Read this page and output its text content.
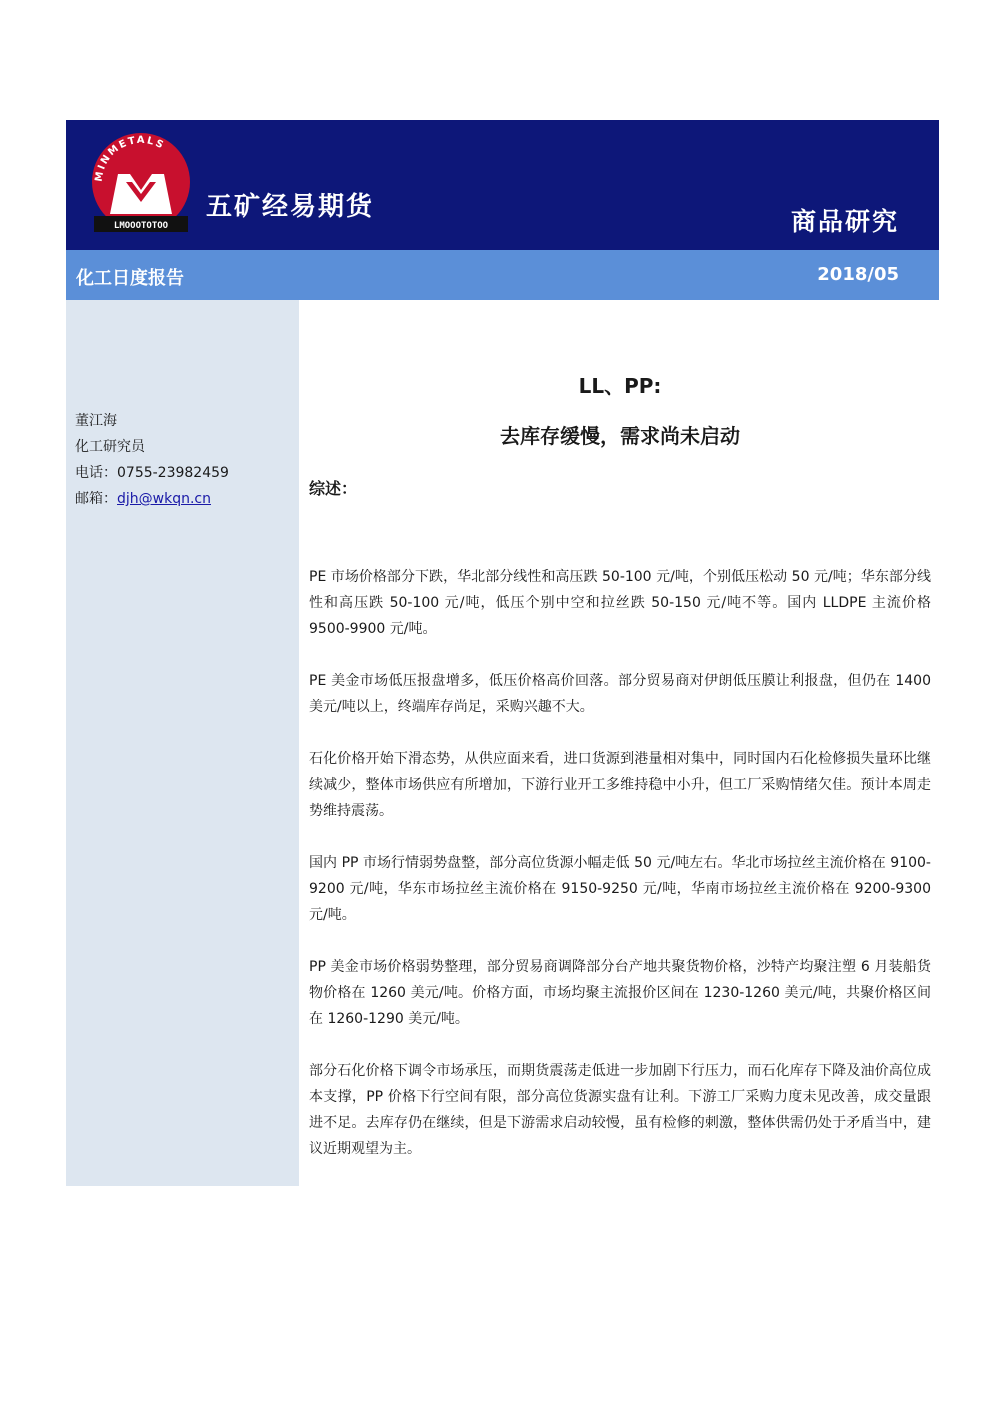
MINMETALS
LMOOOTOTOO
五矿经易期货	商品研究
化工日度报告	2018/05
董江海
化工研究员
电话：0755-23982459
邮箱：djh@wkqn.cn
LL、PP:
去库存缓慢，需求尚未启动
综述：

PE 市场价格部分下跌，华北部分线性和高压跌 50-100 元/吨，个别低压松动 50 元/吨；华东部分线性和高压跌 50-100 元/吨，低压个别中空和拉丝跌 50-150 元/吨不等。国内 LLDPE 主流价格 9500-9900 元/吨。

PE 美金市场低压报盘增多，低压价格高价回落。部分贸易商对伊朗低压膜让利报盘，但仍在 1400 美元/吨以上，终端库存尚足，采购兴趣不大。

石化价格开始下滑态势，从供应面来看，进口货源到港量相对集中，同时国内石化检修损失量环比继续减少，整体市场供应有所增加，下游行业开工多维持稳中小升，但工厂采购情绪欠佳。预计本周走势维持震荡。

国内 PP 市场行情弱势盘整，部分高位货源小幅走低 50 元/吨左右。华北市场拉丝主流价格在 9100-9200 元/吨，华东市场拉丝主流价格在 9150-9250 元/吨，华南市场拉丝主流价格在 9200-9300 元/吨。

PP 美金市场价格弱势整理，部分贸易商调降部分台产地共聚货物价格，沙特产均聚注塑 6 月装船货物价格在 1260 美元/吨。价格方面，市场均聚主流报价区间在 1230-1260 美元/吨，共聚价格区间在 1260-1290 美元/吨。

部分石化价格下调令市场承压，而期货震荡走低进一步加剧下行压力，而石化库存下降及油价高位成本支撑，PP 价格下行空间有限，部分高位货源实盘有让利。下游工厂采购力度未见改善，成交量跟进不足。去库存仍在继续，但是下游需求启动较慢，虽有检修的刺激，整体供需仍处于矛盾当中，建议近期观望为主。
